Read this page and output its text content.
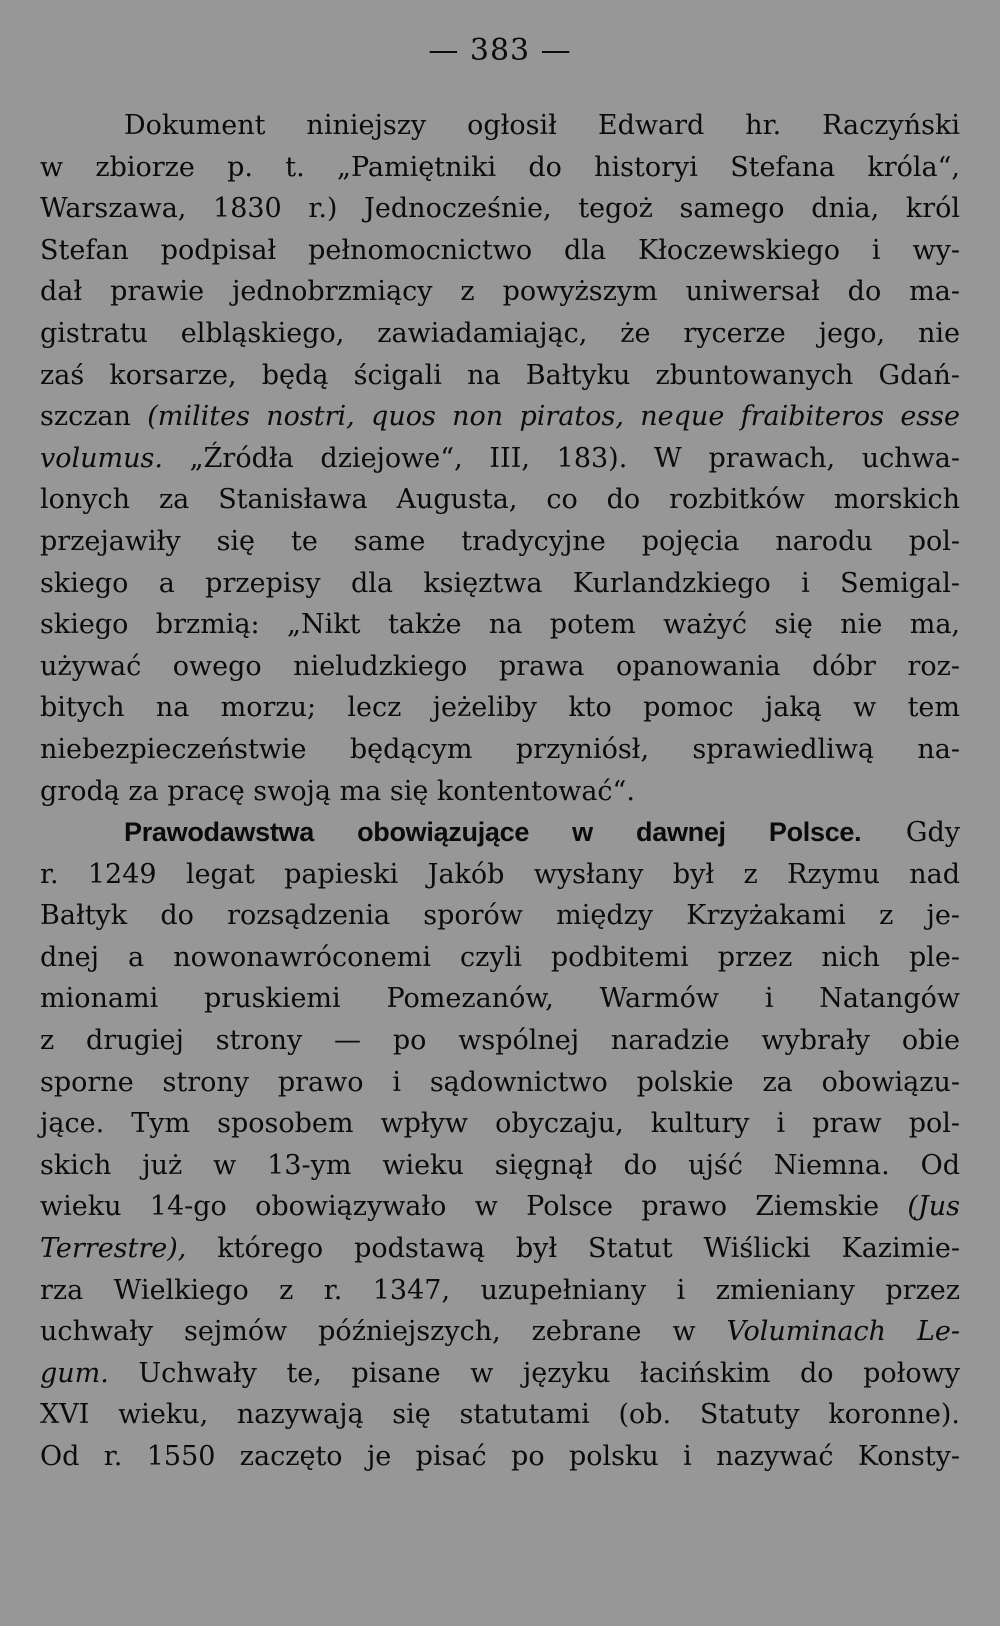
— 383 —
Dokument niniejszy ogłosił Edward hr. Raczyński
w zbiorze p. t. „Pamiętniki do historyi Stefana króla“,
Warszawa, 1830 r.) Jednocześnie, tegoż samego dnia, król
Stefan podpisał pełnomocnictwo dla Kłoczewskiego i wy-
dał prawie jednobrzmiący z powyższym uniwersał do ma-
gistratu elbląskiego, zawiadamiając, że rycerze jego, nie
zaś korsarze, będą ścigali na Bałtyku zbuntowanych Gdań-
szczan (milites nostri, quos non piratos, neque fraibiteros esse
volumus. „Źródła dziejowe“, III, 183). W prawach, uchwa-
lonych za Stanisława Augusta, co do rozbitków morskich
przejawiły się te same tradycyjne pojęcia narodu pol-
skiego a przepisy dla księztwa Kurlandzkiego i Semigal-
skiego brzmią: „Nikt także na potem ważyć się nie ma,
używać owego nieludzkiego prawa opanowania dóbr roz-
bitych na morzu; lecz jeżeliby kto pomoc jaką w tem
niebezpieczeństwie będącym przyniósł, sprawiedliwą na-
grodą za pracę swoją ma się kontentować“.
Prawodawstwa obowiązujące w dawnej Polsce. Gdy
r. 1249 legat papieski Jakób wysłany był z Rzymu nad
Bałtyk do rozsądzenia sporów między Krzyżakami z je-
dnej a nowonawróconemi czyli podbitemi przez nich ple-
mionami pruskiemi Pomezanów, Warmów i Natangów
z drugiej strony — po wspólnej naradzie wybrały obie
sporne strony prawo i sądownictwo polskie za obowiązu-
jące. Tym sposobem wpływ obyczaju, kultury i praw pol-
skich już w 13-ym wieku sięgnął do ujść Niemna. Od
wieku 14-go obowiązywało w Polsce prawo Ziemskie (Jus
Terrestre), którego podstawą był Statut Wiślicki Kazimie-
rza Wielkiego z r. 1347, uzupełniany i zmieniany przez
uchwały sejmów późniejszych, zebrane w Voluminach Le-
gum. Uchwały te, pisane w języku łacińskim do połowy
XVI wieku, nazywają się statutami (ob. Statuty koronne).
Od r. 1550 zaczęto je pisać po polsku i nazywać Konsty-
